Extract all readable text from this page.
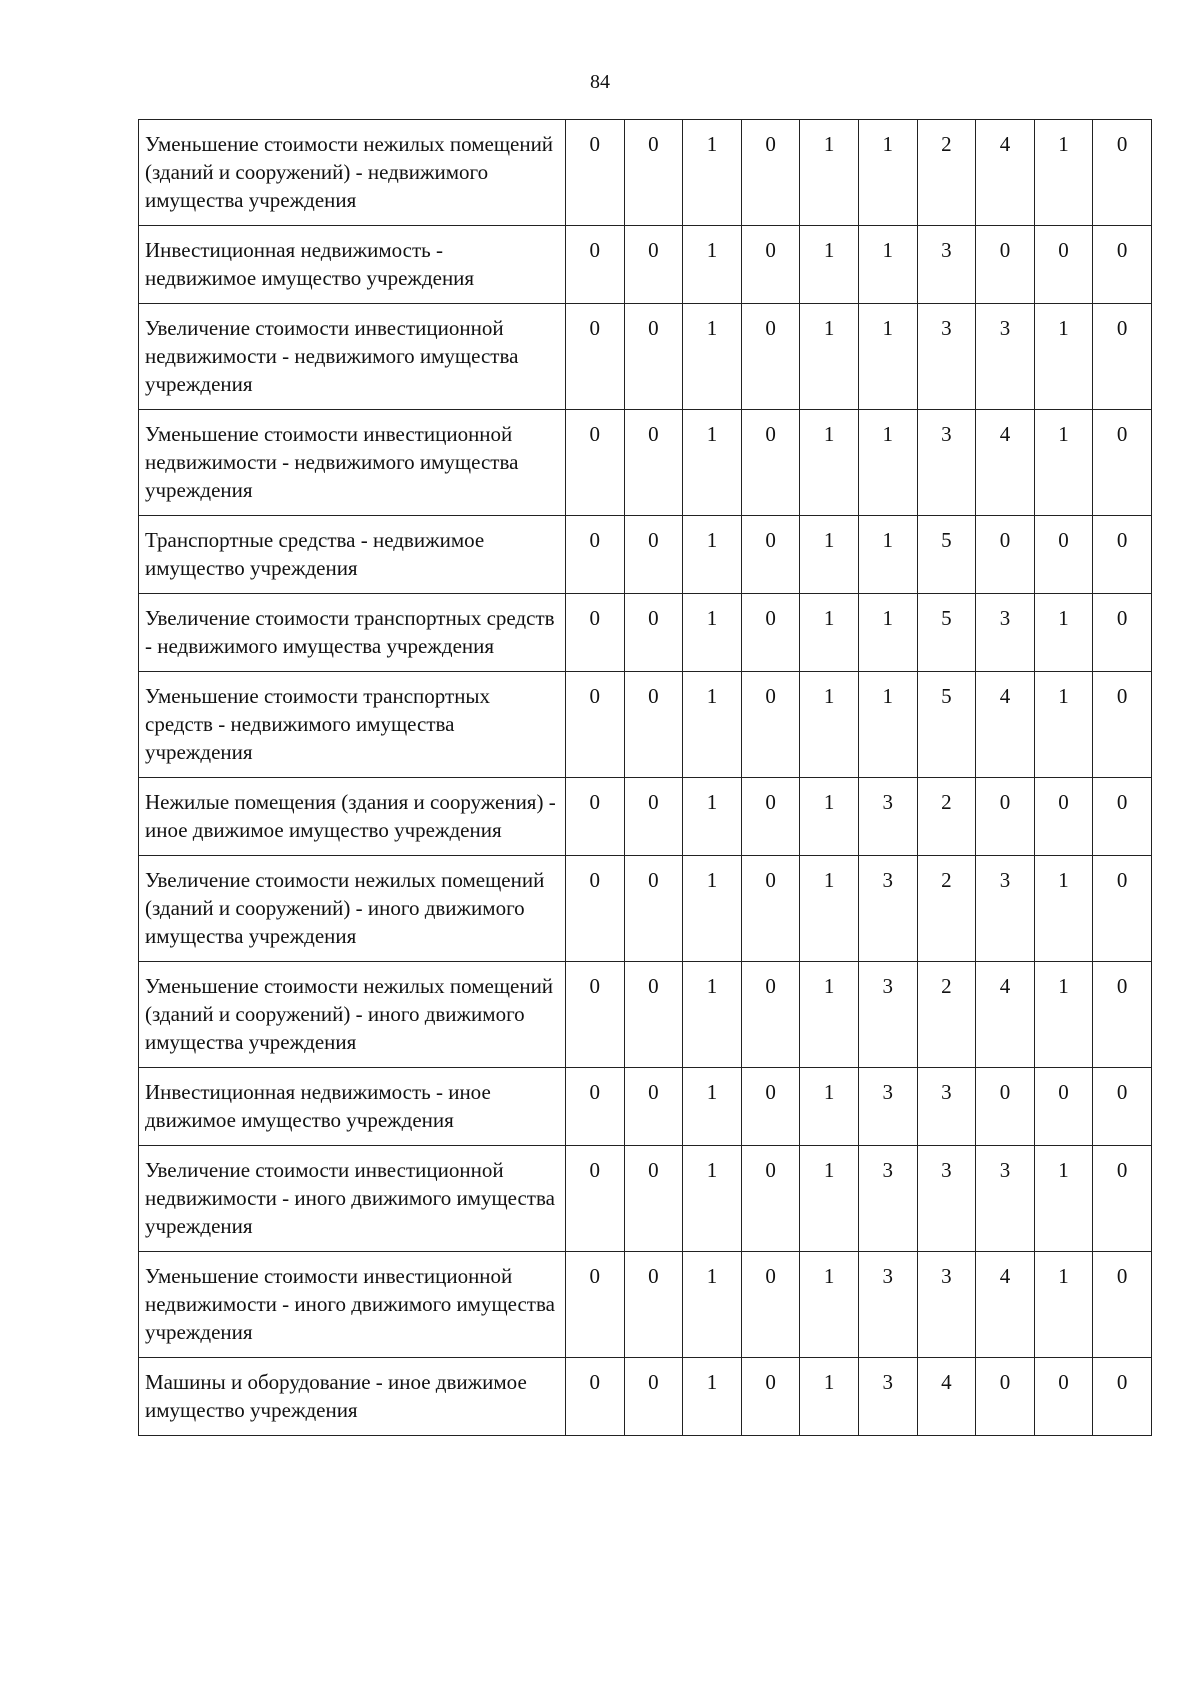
84
Уменьшение стоимости нежилых помещений (зданий и сооружений) - недвижимого имущества учреждения	0	0	1	0	1	1	2	4	1	0
Инвестиционная недвижимость - недвижимое имущество учреждения	0	0	1	0	1	1	3	0	0	0
Увеличение стоимости инвестиционной недвижимости - недвижимого имущества учреждения	0	0	1	0	1	1	3	3	1	0
Уменьшение стоимости инвестиционной недвижимости - недвижимого имущества учреждения	0	0	1	0	1	1	3	4	1	0
Транспортные средства - недвижимое имущество учреждения	0	0	1	0	1	1	5	0	0	0
Увеличение стоимости транспортных средств - недвижимого имущества учреждения	0	0	1	0	1	1	5	3	1	0
Уменьшение стоимости транспортных средств - недвижимого имущества учреждения	0	0	1	0	1	1	5	4	1	0
Нежилые помещения (здания и сооружения) - иное движимое имущество учреждения	0	0	1	0	1	3	2	0	0	0
Увеличение стоимости нежилых помещений (зданий и сооружений) - иного движимого имущества учреждения	0	0	1	0	1	3	2	3	1	0
Уменьшение стоимости нежилых помещений (зданий и сооружений) - иного движимого имущества учреждения	0	0	1	0	1	3	2	4	1	0
Инвестиционная недвижимость - иное движимое имущество учреждения	0	0	1	0	1	3	3	0	0	0
Увеличение стоимости инвестиционной недвижимости - иного движимого имущества учреждения	0	0	1	0	1	3	3	3	1	0
Уменьшение стоимости инвестиционной недвижимости - иного движимого имущества учреждения	0	0	1	0	1	3	3	4	1	0
Машины и оборудование - иное движимое имущество учреждения	0	0	1	0	1	3	4	0	0	0
